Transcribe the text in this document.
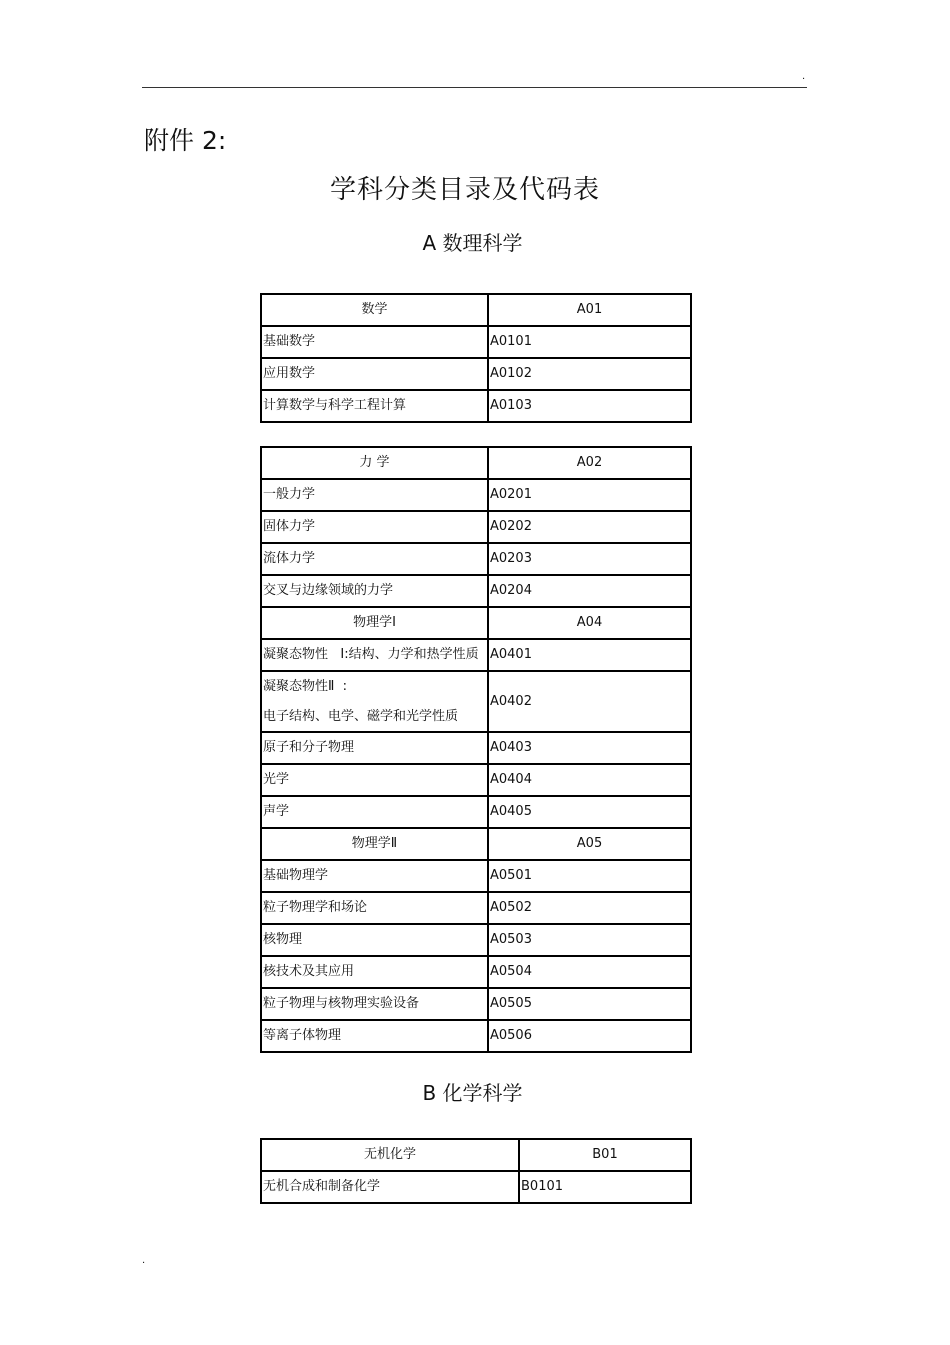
.
附件 2:
学科分类目录及代码表
A 数理科学
数学	A01
基础数学	A0101
应用数学	A0102
计算数学与科学工程计算	A0103
力 学	A02
一般力学	A0201
固体力学	A0202
流体力学	A0203
交叉与边缘领域的力学	A0204
物理学Ⅰ	A04
凝聚态物性   I:结构、力学和热学性质	A0401

凝聚态物性Ⅱ  :
电子结构、电学、磁学和光学性质	A0402
原子和分子物理	A0403
光学	A0404
声学	A0405
物理学Ⅱ	A05
基础物理学	A0501
粒子物理学和场论	A0502
核物理	A0503
核技术及其应用	A0504
粒子物理与核物理实验设备	A0505
等离子体物理	A0506
B 化学科学
无机化学	B01
无机合成和制备化学	B0101
.
